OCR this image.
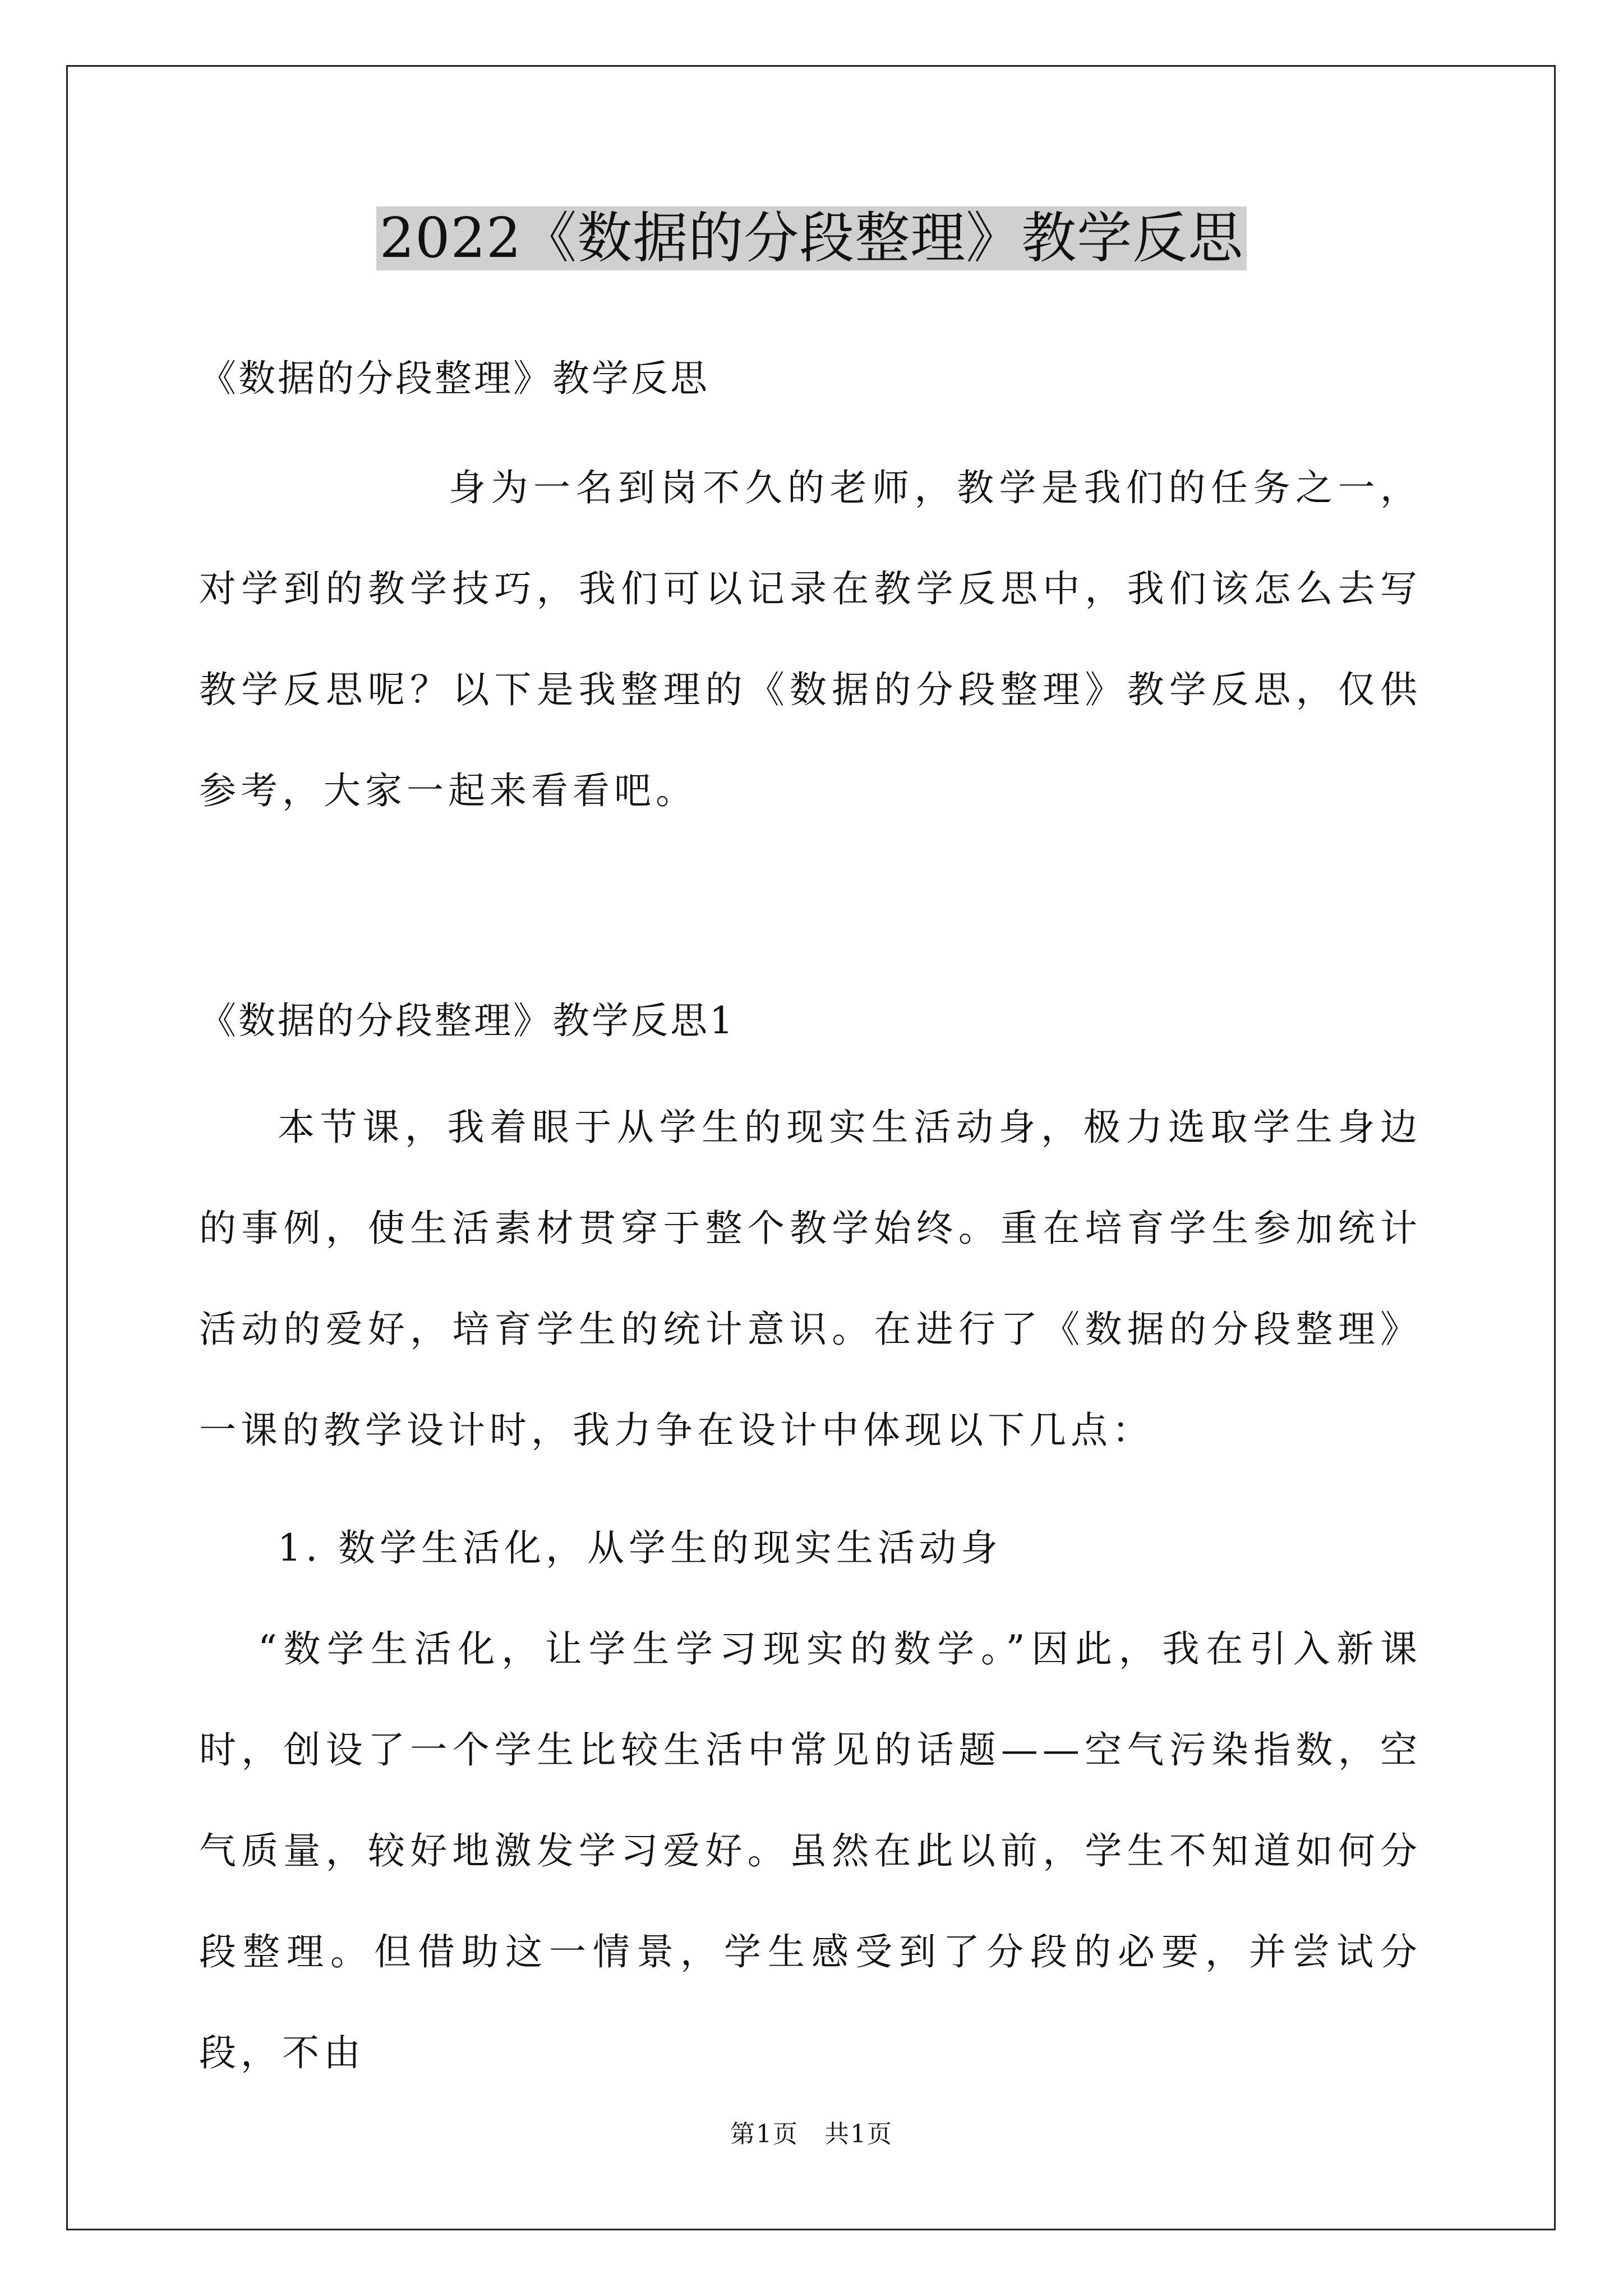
2022《数据的分段整理》教学反思
《数据的分段整理》教学反思
身为一名到岗不久的老师，教学是我们的任务之一，对学到的教学技巧，我们可以记录在教学反思中，我们该怎么去写教学反思呢？以下是我整理的《数据的分段整理》教学反思，仅供参考，大家一起来看看吧。
《数据的分段整理》教学反思1
本节课，我着眼于从学生的现实生活动身，极力选取学生身边的事例，使生活素材贯穿于整个教学始终。重在培育学生参加统计活动的爱好，培育学生的统计意识。在进行了《数据的分段整理》一课的教学设计时，我力争在设计中体现以下几点：
1. 数学生活化，从学生的现实生活动身
“数学生活化，让学生学习现实的数学。”因此，我在引入新课时，创设了一个学生比较生活中常见的话题——空气污染指数，空气质量，较好地激发学习爱好。虽然在此以前，学生不知道如何分段整理。但借助这一情景，学生感受到了分段的必要，并尝试分段，不由
第1页　共1页
